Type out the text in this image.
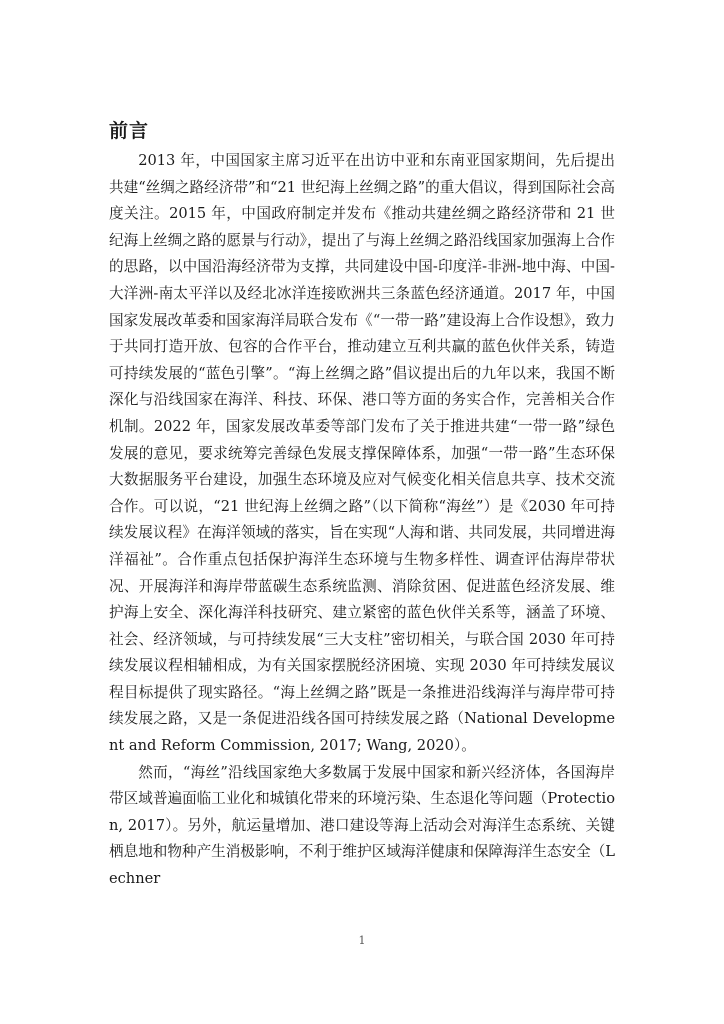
前言

2013 年，中国国家主席习近平在出访中亚和东南亚国家期间，先后提出共建“丝绸之路经济带”和“21 世纪海上丝绸之路”的重大倡议，得到国际社会高度关注。2015 年，中国政府制定并发布《推动共建丝绸之路经济带和 21 世纪海上丝绸之路的愿景与行动》，提出了与海上丝绸之路沿线国家加强海上合作的思路，以中国沿海经济带为支撑，共同建设中国-印度洋-非洲-地中海、中国-大洋洲-南太平洋以及经北冰洋连接欧洲共三条蓝色经济通道。2017 年，中国国家发展改革委和国家海洋局联合发布《“一带一路”建设海上合作设想》，致力于共同打造开放、包容的合作平台，推动建立互利共赢的蓝色伙伴关系，铸造可持续发展的“蓝色引擎”。“海上丝绸之路”倡议提出后的九年以来，我国不断深化与沿线国家在海洋、科技、环保、港口等方面的务实合作，完善相关合作机制。2022 年，国家发展改革委等部门发布了关于推进共建“一带一路”绿色发展的意见，要求统筹完善绿色发展支撑保障体系，加强“一带一路”生态环保大数据服务平台建设，加强生态环境及应对气候变化相关信息共享、技术交流合作。可以说，“21 世纪海上丝绸之路”（以下简称“海丝”）是《2030 年可持续发展议程》在海洋领域的落实，旨在实现“人海和谐、共同发展，共同增进海洋福祉”。合作重点包括保护海洋生态环境与生物多样性、调查评估海岸带状况、开展海洋和海岸带蓝碳生态系统监测、消除贫困、促进蓝色经济发展、维护海上安全、深化海洋科技研究、建立紧密的蓝色伙伴关系等，涵盖了环境、社会、经济领域，与可持续发展“三大支柱”密切相关，与联合国 2030 年可持续发展议程相辅相成，为有关国家摆脱经济困境、实现 2030 年可持续发展议程目标提供了现实路径。“海上丝绸之路”既是一条推进沿线海洋与海岸带可持续发展之路，又是一条促进沿线各国可持续发展之路（National Development and Reform Commission, 2017; Wang, 2020）。

然而，“海丝”沿线国家绝大多数属于发展中国家和新兴经济体，各国海岸带区域普遍面临工业化和城镇化带来的环境污染、生态退化等问题（Protection, 2017）。另外，航运量增加、港口建设等海上活动会对海洋生态系统、关键栖息地和物种产生消极影响，不利于维护区域海洋健康和保障海洋生态安全（Lechner

1
